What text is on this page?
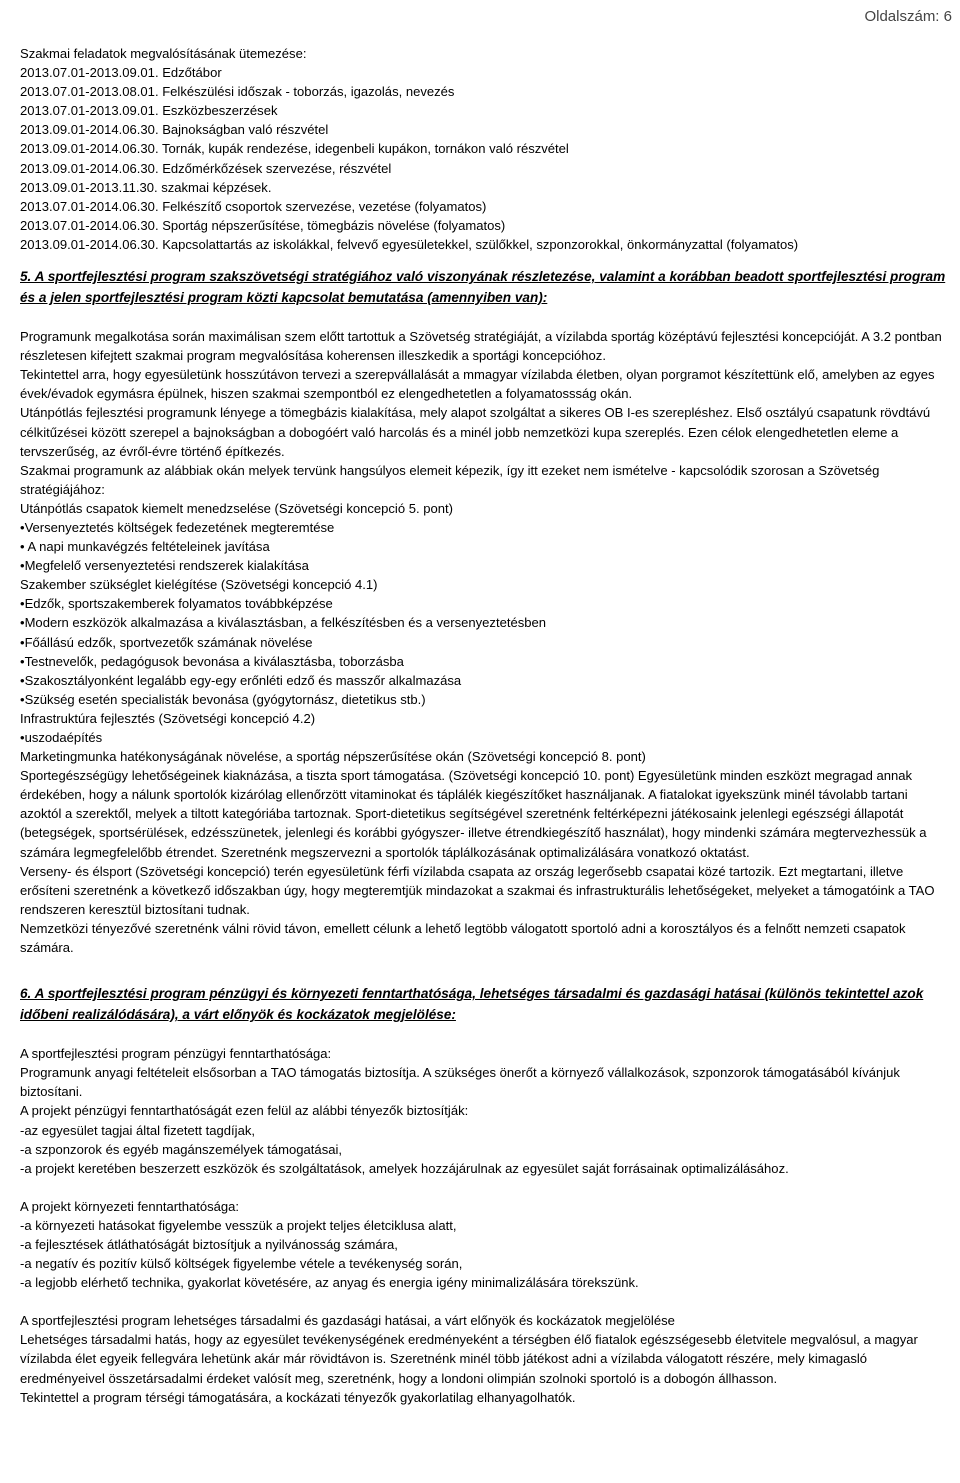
Oldalszám: 6

Szakmai feladatok megvalósításának ütemezése:

2013.07.01-2013.09.01. Edzőtábor

2013.07.01-2013.08.01. Felkészülési időszak - toborzás, igazolás, nevezés

2013.07.01-2013.09.01. Eszközbeszerzések

2013.09.01-2014.06.30. Bajnokságban való részvétel

2013.09.01-2014.06.30. Tornák, kupák rendezése, idegenbeli kupákon, tornákon való részvétel

2013.09.01-2014.06.30. Edzőmérkőzések szervezése, részvétel

2013.09.01-2013.11.30. szakmai képzések.

2013.07.01-2014.06.30. Felkészítő csoportok szervezése, vezetése (folyamatos)

2013.07.01-2014.06.30. Sportág népszerűsítése, tömegbázis növelése (folyamatos)

2013.09.01-2014.06.30. Kapcsolattartás az iskolákkal, felvevő egyesületekkel, szülőkkel, szponzorokkal, önkormányzattal (folyamatos)

5. A sportfejlesztési program szakszövetségi stratégiához való viszonyának részletezése, valamint a korábban beadott sportfejlesztési program és a jelen sportfejlesztési program közti kapcsolat bemutatása (amennyiben van):

Programunk megalkotása során maximálisan szem előtt tartottuk a Szövetség stratégiáját, a vízilabda sportág középtávú fejlesztési koncepcióját. A 3.2 pontban részletesen kifejtett szakmai program megvalósítása koherensen illeszkedik a sportági koncepcióhoz.

Tekintettel arra, hogy egyesületünk hosszútávon tervezi a szerepvállalását a mmagyar vízilabda életben, olyan porgramot készítettünk elő, amelyben az egyes évek/évadok egymásra épülnek, hiszen szakmai szempontból ez elengedhetetlen a folyamatossság okán.

Utánpótlás fejlesztési programunk lényege a tömegbázis kialakítása, mely alapot szolgáltat a sikeres OB I-es szerepléshez. Első osztályú csapatunk rövdtávú célkitűzései között szerepel a bajnokságban a dobogóért való harcolás és a minél jobb nemzetközi kupa szereplés. Ezen célok elengedhetetlen eleme a tervszerűség, az évről-évre történő építkezés.

Szakmai programunk az alábbiak okán melyek tervünk hangsúlyos elemeit képezik, így itt ezeket nem ismételve - kapcsolódik szorosan a Szövetség stratégiájához:

Utánpótlás csapatok kiemelt menedzselése (Szövetségi koncepció 5. pont)

•Versenyeztetés költségek fedezetének megteremtése

• A napi munkavégzés feltételeinek javítása

•Megfelelő versenyeztetési rendszerek kialakítása

Szakember szükséglet kielégítése (Szövetségi koncepció 4.1)

•Edzők, sportszakemberek folyamatos továbbképzése

•Modern eszközök alkalmazása a kiválasztásban, a felkészítésben és a versenyeztetésben

•Főállású edzők, sportvezetők számának növelése

•Testnevelők, pedagógusok bevonása a kiválasztásba, toborzásba

•Szakosztályonként legalább egy-egy erőnléti edző és masszőr alkalmazása

•Szükség esetén specialisták bevonása (gyógytornász, dietetikus stb.)

Infrastruktúra fejlesztés (Szövetségi koncepció 4.2)

•uszodaépítés

Marketingmunka hatékonyságának növelése, a sportág népszerűsítése okán (Szövetségi koncepció 8. pont)

Sportegészségügy lehetőségeinek kiaknázása, a tiszta sport támogatása. (Szövetségi koncepció 10. pont) Egyesületünk minden eszközt megragad annak érdekében, hogy a nálunk sportolók kizárólag ellenőrzött vitaminokat és táplálék kiegészítőket használjanak. A fiatalokat igyekszünk minél távolabb tartani azoktól a szerektől, melyek a tiltott kategóriába tartoznak. Sport-dietetikus segítségével szeretnénk feltérképezni játékosaink jelenlegi egészségi állapotát (betegségek, sportsérülések, edzésszünetek, jelenlegi és korábbi gyógyszer- illetve étrendkiegészítő használat), hogy mindenki számára megtervezhessük a számára legmegfelelőbb étrendet. Szeretnénk megszervezni a sportolók táplálkozásának optimalizálására vonatkozó oktatást.

Verseny- és élsport (Szövetségi koncepció) terén egyesületünk férfi vízilabda csapata az ország legerősebb csapatai közé tartozik. Ezt megtartani, illetve erősíteni szeretnénk a következő időszakban úgy, hogy megteremtjük mindazokat a szakmai és infrastrukturális lehetőségeket, melyeket a támogatóink a TAO rendszeren keresztül biztosítani tudnak.

Nemzetközi tényezővé szeretnénk válni rövid távon, emellett célunk a lehető legtöbb válogatott sportoló adni a korosztályos és a felnőtt nemzeti csapatok számára.

6. A sportfejlesztési program pénzügyi és környezeti fenntarthatósága, lehetséges társadalmi és gazdasági hatásai (különös tekintettel azok időbeni realizálódására), a várt előnyök és kockázatok megjelölése:

A sportfejlesztési program pénzügyi fenntarthatósága:

Programunk anyagi feltételeit elsősorban a TAO támogatás biztosítja. A szükséges önerőt a környező vállalkozások, szponzorok támogatásából kívánjuk biztosítani.

A projekt pénzügyi fenntarthatóságát ezen felül az alábbi tényezők biztosítják:

-az egyesület tagjai által fizetett tagdíjak,

-a szponzorok és egyéb magánszemélyek támogatásai,

-a projekt keretében beszerzett eszközök és szolgáltatások, amelyek hozzájárulnak az egyesület saját forrásainak optimalizálásához.

A projekt környezeti fenntarthatósága:

-a környezeti hatásokat figyelembe vesszük a projekt teljes életciklusa alatt,

-a fejlesztések átláthatóságát biztosítjuk a nyilvánosság számára,

-a negatív és pozitív külső költségek figyelembe vétele a tevékenység során,

-a legjobb elérhető technika, gyakorlat követésére, az anyag és energia igény minimalizálására törekszünk.

A sportfejlesztési program lehetséges társadalmi és gazdasági hatásai, a várt előnyök és kockázatok megjelölése

Lehetséges társadalmi hatás, hogy az egyesület tevékenységének eredményeként a térségben élő fiatalok egészségesebb életvitele megvalósul, a magyar vízilabda élet egyeik fellegvára lehetünk akár már rövidtávon is. Szeretnénk minél több játékost adni a vízilabda válogatott részére, mely kimagasló eredményeivel összetársadalmi érdeket valósít meg, szeretnénk, hogy a londoni olimpián szolnoki sportoló is a dobogón állhasson.

Tekintettel a program térségi támogatására, a kockázati tényezők gyakorlatilag elhanyagolhatók.
